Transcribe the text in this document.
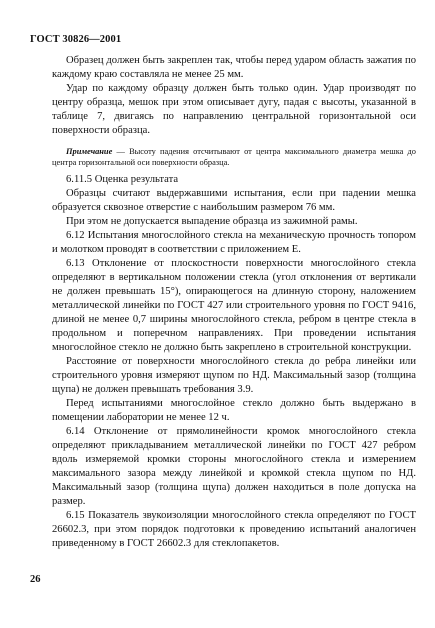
ГОСТ 30826—2001

Образец должен быть закреплен так, чтобы перед ударом область зажатия по каждому краю составляла не менее 25 мм.

Удар по каждому образцу должен быть только один. Удар производят по центру образца, мешок при этом описывает дугу, падая с высоты, указанной в таблице 7, двигаясь по направлению центральной горизонтальной оси поверхности образца.

Примечание — Высоту падения отсчитывают от центра максимального диаметра мешка до центра горизонтальной оси поверхности образца.

6.11.5 Оценка результата

Образцы считают выдержавшими испытания, если при падении мешка образуется сквозное отверстие с наибольшим размером 76 мм.

При этом не допускается выпадение образца из зажимной рамы.

6.12 Испытания многослойного стекла на механическую прочность топором и молотком проводят в соответствии с приложением Е.

6.13 Отклонение от плоскостности поверхности многослойного стекла определяют в вертикальном положении стекла (угол отклонения от вертикали не должен превышать 15°), опирающегося на длинную сторону, наложением металлической линейки по ГОСТ 427 или строительного уровня по ГОСТ 9416, длиной не менее 0,7 ширины многослойного стекла, ребром в центре стекла в продольном и поперечном направлениях. При проведении испытания многослойное стекло не должно быть закреплено в строительной конструкции.

Расстояние от поверхности многослойного стекла до ребра линейки или строительного уровня измеряют щупом по НД. Максимальный зазор (толщина щупа) не должен превышать требования 3.9.

Перед испытаниями многослойное стекло должно быть выдержано в помещении лаборатории не менее 12 ч.

6.14 Отклонение от прямолинейности кромок многослойного стекла определяют прикладыванием металлической линейки по ГОСТ 427 ребром вдоль измеряемой кромки стороны многослойного стекла и измерением максимального зазора между линейкой и кромкой стекла щупом по НД. Максимальный зазор (толщина щупа) должен находиться в поле допуска на размер.

6.15 Показатель звукоизоляции многослойного стекла определяют по ГОСТ 26602.3, при этом порядок подготовки к проведению испытаний аналогичен приведенному в ГОСТ 26602.3 для стеклопакетов.

26
